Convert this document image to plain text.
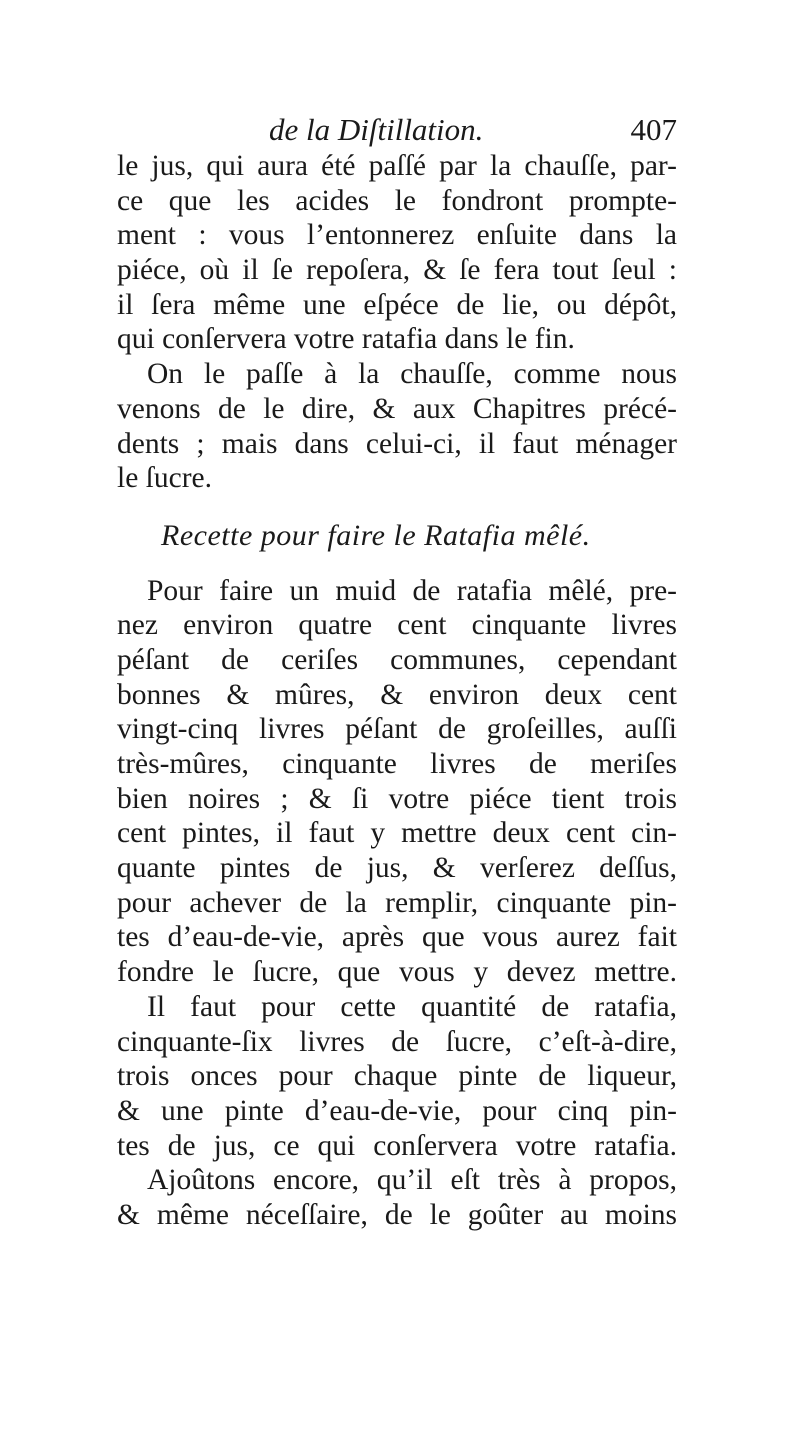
de la Diſtillation.	407
le jus, qui aura été paſſé par la chauſſe, par-
ce que les acides le fondront prompte-
ment : vous l’entonnerez enſuite dans la
piéce, où il ſe repoſera, & ſe fera tout ſeul :
il ſera même une eſpéce de lie, ou dépôt,
qui conſervera votre ratafia dans le fin.
On le paſſe à la chauſſe, comme nous
venons de le dire, & aux Chapitres précé-
dents ; mais dans celui-ci, il faut ménager
le ſucre.
Recette pour faire le Ratafia mêlé.
Pour faire un muid de ratafia mêlé, pre-
nez environ quatre cent cinquante livres
péſant de ceriſes communes, cependant
bonnes & mûres, & environ deux cent
vingt-cinq livres péſant de groſeilles, auſſi
très-mûres, cinquante livres de meriſes
bien noires ; & ſi votre piéce tient trois
cent pintes, il faut y mettre deux cent cin-
quante pintes de jus, & verſerez deſſus,
pour achever de la remplir, cinquante pin-
tes d’eau-de-vie, après que vous aurez fait
fondre le ſucre, que vous y devez mettre.
Il faut pour cette quantité de ratafia,
cinquante-ſix livres de ſucre, c’eſt-à-dire,
trois onces pour chaque pinte de liqueur,
& une pinte d’eau-de-vie, pour cinq pin-
tes de jus, ce qui conſervera votre ratafia.
Ajoûtons encore, qu’il eſt très à propos,
& même néceſſaire, de le goûter au moins
